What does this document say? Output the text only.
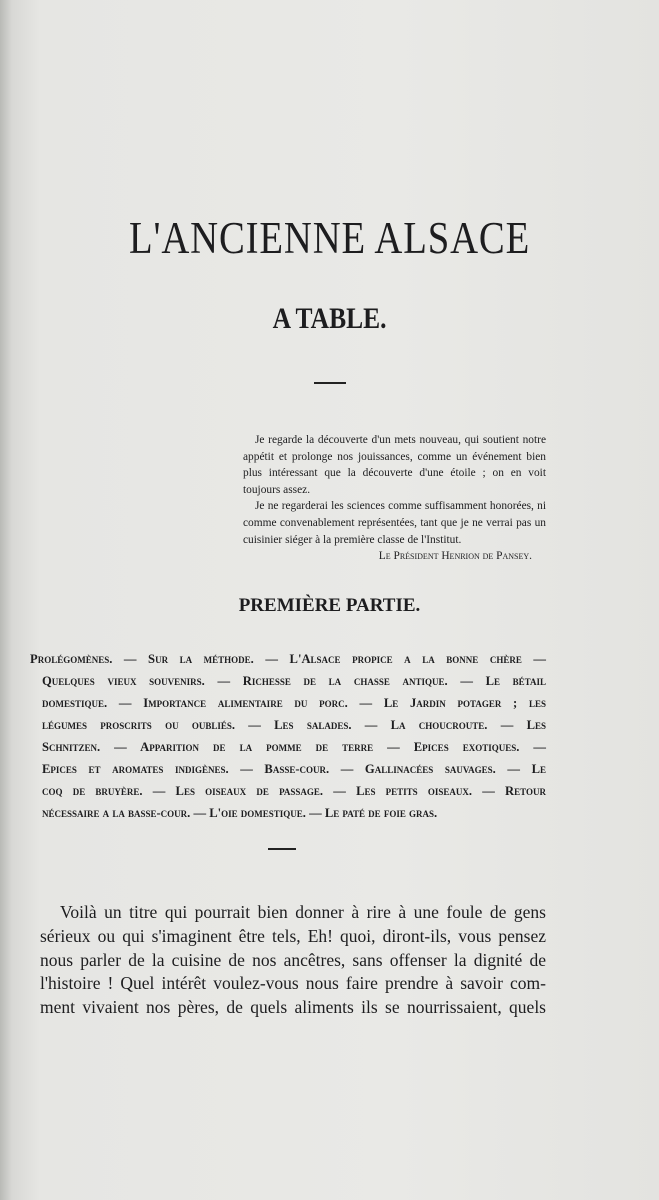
L'ANCIENNE ALSACE
A TABLE.

Je regarde la découverte d'un mets nouveau, qui soutient notre appétit et prolonge nos jouissances, comme un événement bien plus intéressant que la découverte d'une étoile ; on en voit toujours assez.

Je ne regarderai les sciences comme suffisamment honorées, ni comme convenablement représentées, tant que je ne verrai pas un cuisinier siéger à la première classe de l'Institut.

Le Président Henrion de Pansey.

PREMIÈRE PARTIE.
Prolégomènes. — Sur la méthode. — L'Alsace propice a la bonne chère —
Quelques vieux souvenirs. — Richesse de la chasse antique. — Le bétail
domestique. — Importance alimentaire du porc. — Le Jardin potager ; les
légumes proscrits ou oubliés. — Les salades. — La choucroute. — Les
Schnitzen. — Apparition de la pomme de terre — Epices exotiques. —
Epices et aromates indigènes. — Basse-cour. — Gallinacées sauvages. — Le
coq de bruyère. — Les oiseaux de passage. — Les petits oiseaux. — Retour
nécessaire a la basse-cour. — L'oie domestique. — Le paté de foie gras.
Voilà un titre qui pourrait bien donner à rire à une foule de gens
sérieux ou qui s'imaginent être tels, Eh! quoi, diront-ils, vous pensez
nous parler de la cuisine de nos ancêtres, sans offenser la dignité de
l'histoire ! Quel intérêt voulez-vous nous faire prendre à savoir com-
ment vivaient nos pères, de quels aliments ils se nourrissaient, quels
